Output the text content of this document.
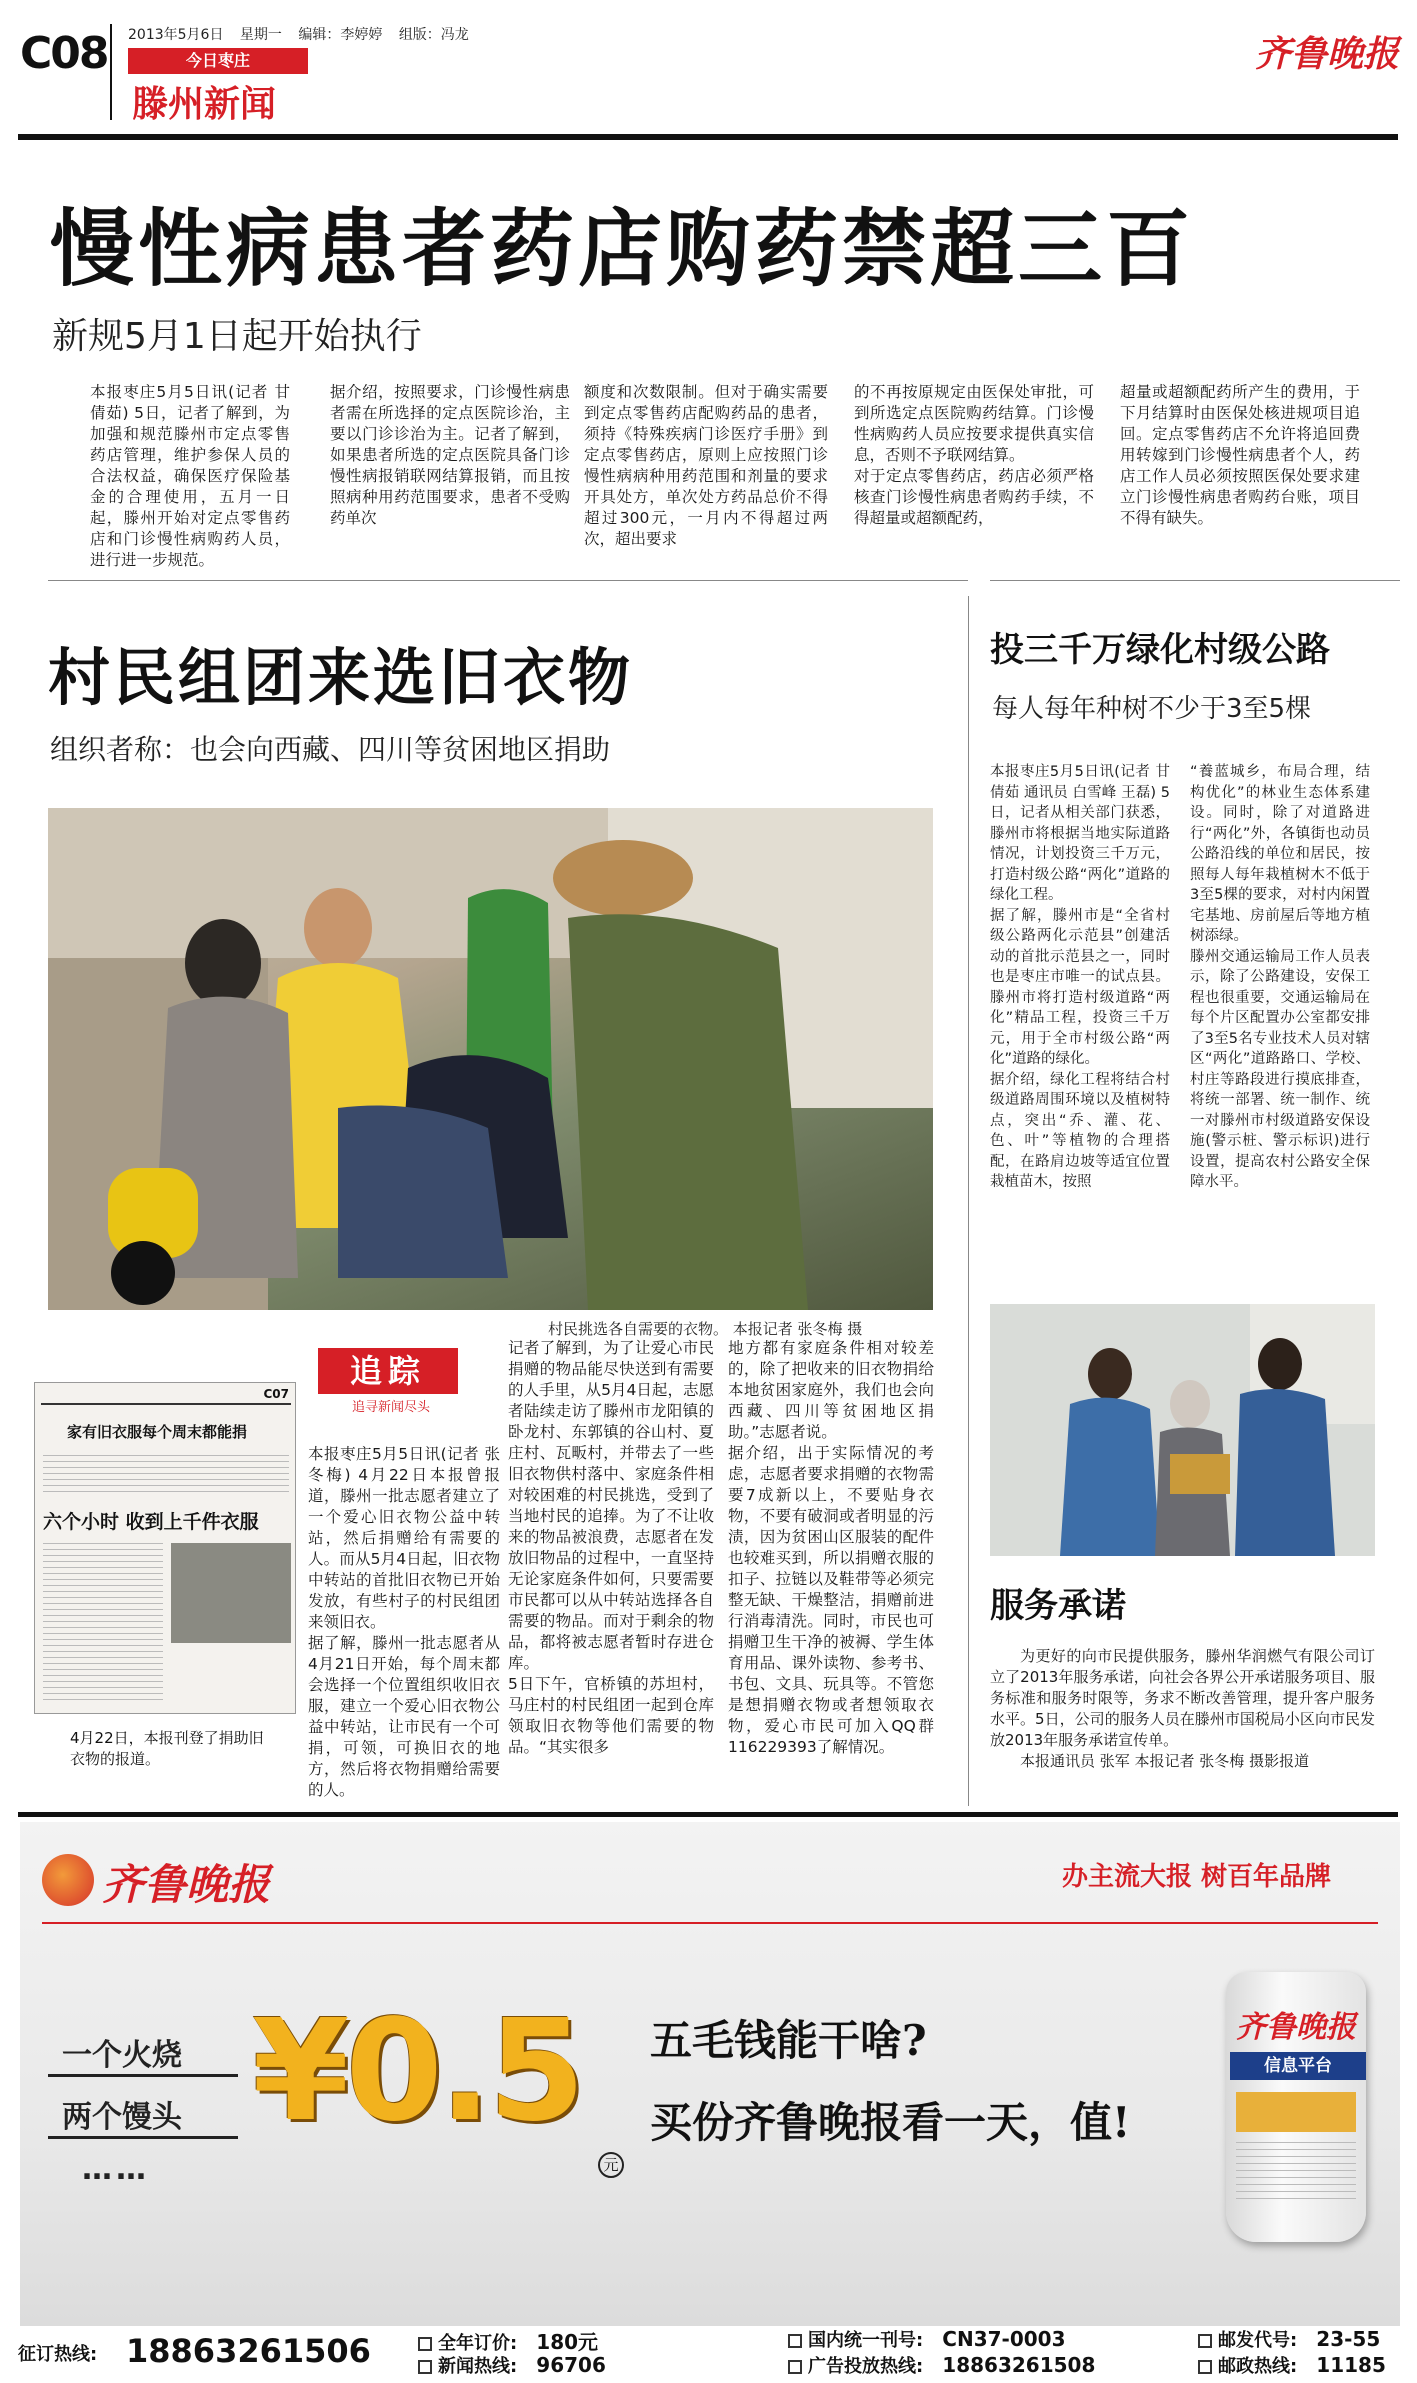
C08 2013年5月6日 星期一 编辑：李婷婷 组版：冯龙
今日枣庄
滕州新闻
齐鲁晚报
慢性病患者药店购药禁超三百
新规5月1日起开始执行
本报枣庄5月5日讯(记者 甘倩茹) 5日，记者了解到，为加强和规范滕州市定点零售药店管理，维护参保人员的合法权益，确保医疗保险基金的合理使用，五月一日起，滕州开始对定点零售药店和门诊慢性病购药人员，进行进一步规范。
据介绍，按照要求，门诊慢性病患者需在所选择的定点医院诊治，主要以门诊诊治为主。记者了解到，如果患者所选的定点医院具备门诊慢性病报销联网结算报销，而且按照病种用药范围要求，患者不受购药单次
额度和次数限制。但对于确实需要到定点零售药店配购药品的患者，须持《特殊疾病门诊医疗手册》到定点零售药店，原则上应按照门诊慢性病病种用药范围和剂量的要求开具处方，单次处方药品总价不得超过300元，一月内不得超过两次，超出要求
的不再按原规定由医保处审批，可到所选定点医院购药结算。门诊慢性病购药人员应按要求提供真实信息，否则不予联网结算。
对于定点零售药店，药店必须严格核查门诊慢性病患者购药手续，不得超量或超额配药，
超量或超额配药所产生的费用，于下月结算时由医保处核进规项目追回。定点零售药店不允许将追回费用转嫁到门诊慢性病患者个人，药店工作人员必须按照医保处要求建立门诊慢性病患者购药台账，项目不得有缺失。
村民组团来选旧衣物
组织者称：也会向西藏、四川等贫困地区捐助
村民挑选各自需要的衣物。 本报记者 张冬梅 摄
追踪
追寻新闻尽头
C07
家有旧衣服每个周末都能捐
六个小时 收到上千件衣服
4月22日，本报刊登了捐助旧衣物的报道。
本报枣庄5月5日讯(记者 张冬梅) 4月22日本报曾报道，滕州一批志愿者建立了一个爱心旧衣物公益中转站，然后捐赠给有需要的人。而从5月4日起，旧衣物中转站的首批旧衣物已开始发放，有些村子的村民组团来领旧衣。
据了解，滕州一批志愿者从4月21日开始，每个周末都会选择一个位置组织收旧衣服，建立一个爱心旧衣物公益中转站，让市民有一个可捐，可领，可换旧衣的地方，然后将衣物捐赠给需要的人。
记者了解到，为了让爱心市民捐赠的物品能尽快送到有需要的人手里，从5月4日起，志愿者陆续走访了滕州市龙阳镇的卧龙村、东郭镇的谷山村、夏庄村、瓦畈村，并带去了一些旧衣物供村落中、家庭条件相对较困难的村民挑选，受到了当地村民的追捧。为了不让收来的物品被浪费，志愿者在发放旧物品的过程中，一直坚持无论家庭条件如何，只要需要市民都可以从中转站选择各自需要的物品。而对于剩余的物品，都将被志愿者暂时存进仓库。
5日下午，官桥镇的苏坦村，马庄村的村民组团一起到仓库领取旧衣物等他们需要的物品。“其实很多
地方都有家庭条件相对较差的，除了把收来的旧衣物捐给本地贫困家庭外，我们也会向西藏、四川等贫困地区捐助。”志愿者说。
据介绍，出于实际情况的考虑，志愿者要求捐赠的衣物需要7成新以上，不要贴身衣物，不要有破洞或者明显的污渍，因为贫困山区服装的配件也较难买到，所以捐赠衣服的扣子、拉链以及鞋带等必须完整无缺、干燥整洁，捐赠前进行消毒清洗。同时，市民也可捐赠卫生干净的被褥、学生体育用品、课外读物、参考书、书包、文具、玩具等。不管您是想捐赠衣物或者想领取衣物，爱心市民可加入QQ群116229393了解情况。
投三千万绿化村级公路
每人每年种树不少于3至5棵
本报枣庄5月5日讯(记者 甘倩茹 通讯员 白雪峰 王磊) 5日，记者从相关部门获悉，滕州市将根据当地实际道路情况，计划投资三千万元，打造村级公路“两化”道路的绿化工程。
据了解，滕州市是“全省村级公路两化示范县”创建活动的首批示范县之一，同时也是枣庄市唯一的试点县。滕州市将打造村级道路“两化”精品工程，投资三千万元，用于全市村级公路“两化”道路的绿化。
据介绍，绿化工程将结合村级道路周围环境以及植树特点，突出“乔、灌、花、色、叶”等植物的合理搭配，在路肩边坡等适宜位置栽植苗木，按照
“養蓝城乡，布局合理，结构优化”的林业生态体系建设。同时，除了对道路进行“两化”外，各镇街也动员公路沿线的单位和居民，按照每人每年栽植树木不低于3至5棵的要求，对村内闲置宅基地、房前屋后等地方植树添绿。
滕州交通运输局工作人员表示，除了公路建设，安保工程也很重要，交通运输局在每个片区配置办公室都安排了3至5名专业技术人员对辖区“两化”道路路口、学校、村庄等路段进行摸底排查，将统一部署、统一制作、统一对滕州市村级道路安保设施(警示桩、警示标识)进行设置，提高农村公路安全保障水平。
服务承诺

为更好的向市民提供服务，滕州华润燃气有限公司订立了2013年服务承诺，向社会各界公开承诺服务项目、服务标准和服务时限等，务求不断改善管理，提升客户服务水平。5日，公司的服务人员在滕州市国税局小区向市民发放2013年服务承诺宣传单。

本报通讯员 张军 本报记者 张冬梅 摄影报道

齐鲁晚报	办主流大报 树百年品牌
一个火烧
两个馒头
……
¥0.5
元
五毛钱能干啥?
买份齐鲁晚报看一天，值!
齐鲁晚报
信息平台
征订热线: 18863261506	全年订价: 180元
新闻热线: 96706
国内统一刊号: CN37-0003
广告投放热线: 18863261508
邮发代号: 23-55
邮政热线: 11185
